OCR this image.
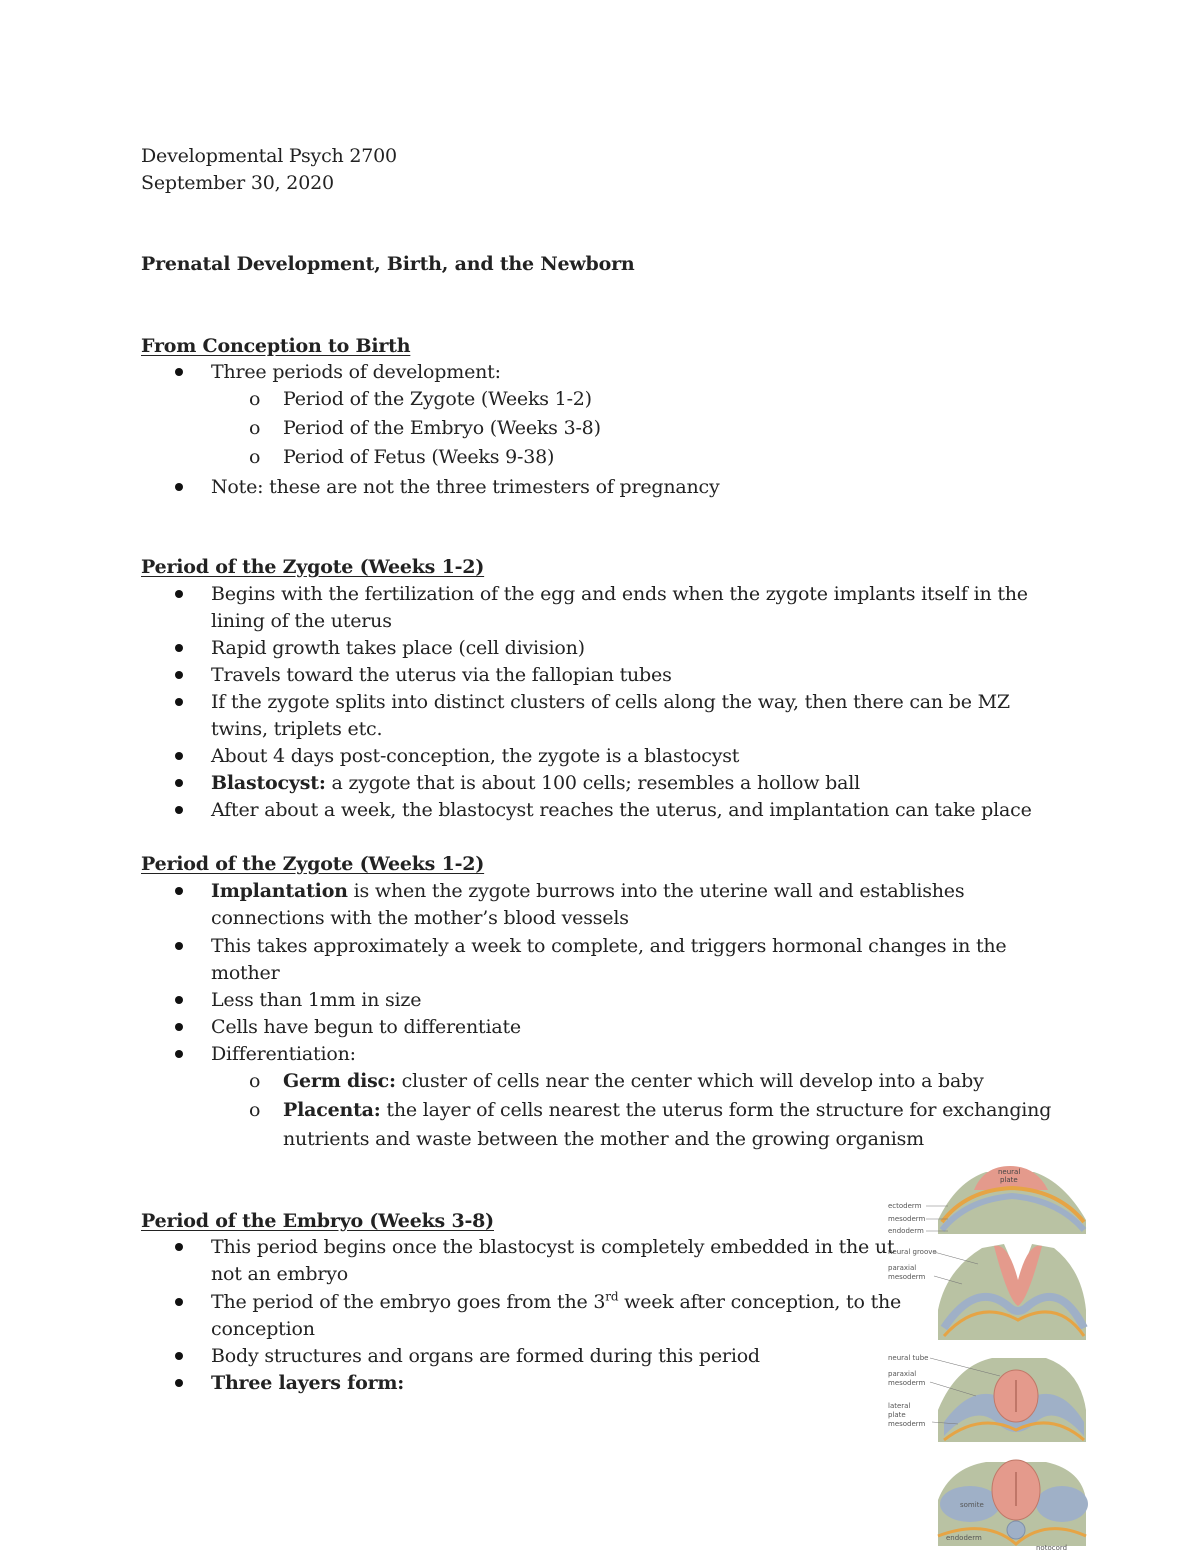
Developmental Psych 2700
September 30, 2020
Prenatal Development, Birth, and the Newborn
From Conception to Birth
Three periods of development:
o Period of the Zygote (Weeks 1-2)
o Period of the Embryo (Weeks 3-8)
o Period of Fetus (Weeks 9-38)
Note: these are not the three trimesters of pregnancy
Period of the Zygote (Weeks 1-2)
Begins with the fertilization of the egg and ends when the zygote implants itself in the
lining of the uterus
Rapid growth takes place (cell division)
Travels toward the uterus via the fallopian tubes
If the zygote splits into distinct clusters of cells along the way, then there can be MZ
twins, triplets etc.
About 4 days post-conception, the zygote is a blastocyst
Blastocyst: a zygote that is about 100 cells; resembles a hollow ball
After about a week, the blastocyst reaches the uterus, and implantation can take place
Period of the Zygote (Weeks 1-2)
Implantation is when the zygote burrows into the uterine wall and establishes
connections with the mother’s blood vessels
This takes approximately a week to complete, and triggers hormonal changes in the
mother
Less than 1mm in size
Cells have begun to differentiate
Differentiation:
o Germ disc: cluster of cells near the center which will develop into a baby
o Placenta: the layer of cells nearest the uterus form the structure for exchanging
nutrients and waste between the mother and the growing organism
Period of the Embryo (Weeks 3-8)
This period begins once the blastocyst is completely embedded in the ut
not an embryo
The period of the embryo goes from the 3rd week after conception, to the
conception
Body structures and organs are formed during this period
Three layers form:
neural
plate
ectoderm
mesoderm
endoderm
neural groove
paraxial
mesoderm
neural tube
paraxial
mesoderm
lateral
plate
mesoderm
somite
endoderm
notocord
